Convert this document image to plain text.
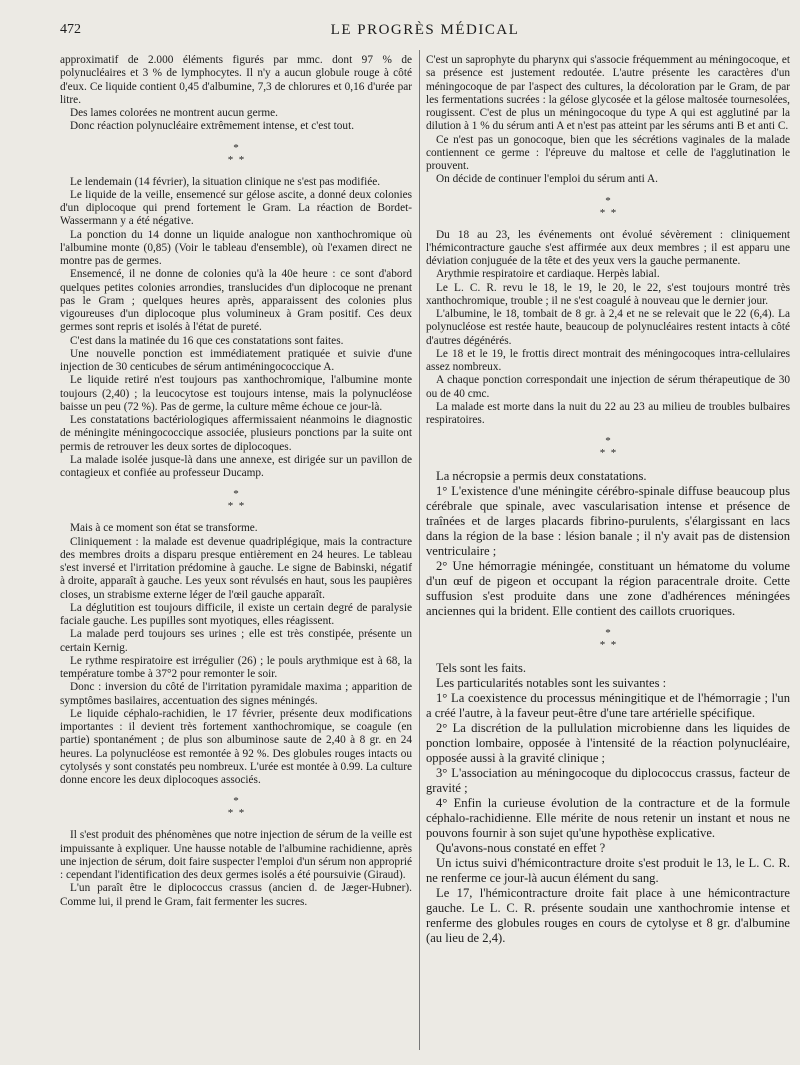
472	LE PROGRÈS MÉDICAL

approximatif de 2.000 éléments figurés par mmc. dont 97 % de polynucléaires et 3 % de lymphocytes. Il n'y a aucun globule rouge à côté d'eux. Ce liquide contient 0,45 d'albumine, 7,3 de chlorures et 0,16 d'urée par litre.

Des lames colorées ne montrent aucun germe.

Donc réaction polynucléaire extrêmement intense, et c'est tout.

*
*  *

Le lendemain (14 février), la situation clinique ne s'est pas modifiée.

Le liquide de la veille, ensemencé sur gélose ascite, a donné deux colonies d'un diplocoque qui prend fortement le Gram. La réaction de Bordet-Wassermann y a été négative.

La ponction du 14 donne un liquide analogue non xanthochromique où l'albumine monte (0,85) (Voir le tableau d'ensemble), où l'examen direct ne montre pas de germes.

Ensemencé, il ne donne de colonies qu'à la 40e heure : ce sont d'abord quelques petites colonies arrondies, translucides d'un diplocoque ne prenant pas le Gram ; quelques heures après, apparaissent des colonies plus vigoureuses d'un diplocoque plus volumineux à Gram positif. Ces deux germes sont repris et isolés à l'état de pureté.

C'est dans la matinée du 16 que ces constatations sont faites.

Une nouvelle ponction est immédiatement pratiquée et suivie d'une injection de 30 centicubes de sérum antiméningococcique A.

Le liquide retiré n'est toujours pas xanthochromique, l'albumine monte toujours (2,40) ; la leucocytose est toujours intense, mais la polynucléose baisse un peu (72 %). Pas de germe, la culture même échoue ce jour-là.

Les constatations bactériologiques affermissaient néanmoins le diagnostic de méningite méningococcique associée, plusieurs ponctions par la suite ont permis de retrouver les deux sortes de diplocoques.

La malade isolée jusque-là dans une annexe, est dirigée sur un pavillon de contagieux et confiée au professeur Ducamp.

*
*  *

Mais à ce moment son état se transforme.

Cliniquement : la malade est devenue quadriplégique, mais la contracture des membres droits a disparu presque entièrement en 24 heures. Le tableau s'est inversé et l'irritation prédomine à gauche. Le signe de Babinski, négatif à droite, apparaît à gauche. Les yeux sont révulsés en haut, sous les paupières closes, un strabisme externe léger de l'œil gauche apparaît.

La déglutition est toujours difficile, il existe un certain degré de paralysie faciale gauche. Les pupilles sont myotiques, elles réagissent.

La malade perd toujours ses urines ; elle est très constipée, présente un certain Kernig.

Le rythme respiratoire est irrégulier (26) ; le pouls arythmique est à 68, la température tombe à 37°2 pour remonter le soir.

Donc : inversion du côté de l'irritation pyramidale maxima ; apparition de symptômes basilaires, accentuation des signes méningés.

Le liquide céphalo-rachidien, le 17 février, présente deux modifications importantes : il devient très fortement xanthochromique, se coagule (en partie) spontanément ; de plus son albuminose saute de 2,40 à 8 gr. en 24 heures. La polynucléose est remontée à 92 %. Des globules rouges intacts ou cytolysés y sont constatés peu nombreux. L'urée est montée à 0.99. La culture donne encore les deux diplocoques associés.

*
*  *

Il s'est produit des phénomènes que notre injection de sérum de la veille est impuissante à expliquer. Une hausse notable de l'albumine rachidienne, après une injection de sérum, doit faire suspecter l'emploi d'un sérum non approprié : cependant l'identification des deux germes isolés a été poursuivie (Giraud).

L'un paraît être le diplococcus crassus (ancien d. de Jæger-Hubner). Comme lui, il prend le Gram, fait fermenter les sucres.

C'est un saprophyte du pharynx qui s'associe fréquemment au méningocoque, et sa présence est justement redoutée. L'autre présente les caractères d'un méningocoque de par l'aspect des cultures, la décoloration par le Gram, de par les fermentations sucrées : la gélose glycosée et la gélose maltosée tournesolées, rougissent. C'est de plus un méningocoque du type A qui est agglutiné par la dilution à 1 % du sérum anti A et n'est pas atteint par les sérums anti B et anti C.

Ce n'est pas un gonocoque, bien que les sécrétions vaginales de la malade contiennent ce germe : l'épreuve du maltose et celle de l'agglutination le prouvent.

On décide de continuer l'emploi du sérum anti A.

*
*  *

Du 18 au 23, les événements ont évolué sévèrement : cliniquement l'hémicontracture gauche s'est affirmée aux deux membres ; il est apparu une déviation conjuguée de la tête et des yeux vers la gauche permanente.

Arythmie respiratoire et cardiaque. Herpès labial.

Le L. C. R. revu le 18, le 19, le 20, le 22, s'est toujours montré très xanthochromique, trouble ; il ne s'est coagulé à nouveau que le dernier jour.

L'albumine, le 18, tombait de 8 gr. à 2,4 et ne se relevait que le 22 (6,4). La polynucléose est restée haute, beaucoup de polynucléaires restent intacts à côté d'autres dégénérés.

Le 18 et le 19, le frottis direct montrait des méningocoques intra-cellulaires assez nombreux.

A chaque ponction correspondait une injection de sérum thérapeutique de 30 ou de 40 cmc.

La malade est morte dans la nuit du 22 au 23 au milieu de troubles bulbaires respiratoires.

*
*  *

La nécropsie a permis deux constatations.

1° L'existence d'une méningite cérébro-spinale diffuse beaucoup plus cérébrale que spinale, avec vascularisation intense et présence de traînées et de larges placards fibrino-purulents, s'élargissant en lacs dans la région de la base : lésion banale ; il n'y avait pas de distension ventriculaire ;

2° Une hémorragie méningée, constituant un hématome du volume d'un œuf de pigeon et occupant la région paracentrale droite. Cette suffusion s'est produite dans une zone d'adhérences méningées anciennes qui la brident. Elle contient des caillots cruoriques.

*
*  *

Tels sont les faits.

Les particularités notables sont les suivantes :

1° La coexistence du processus méningitique et de l'hémorragie ; l'un a créé l'autre, à la faveur peut-être d'une tare artérielle spécifique.

2° La discrétion de la pullulation microbienne dans les liquides de ponction lombaire, opposée à l'intensité de la réaction polynucléaire, opposée aussi à la gravité clinique ;

3° L'association au méningocoque du diplococcus crassus, facteur de gravité ;

4° Enfin la curieuse évolution de la contracture et de la formule céphalo-rachidienne. Elle mérite de nous retenir un instant et nous ne pouvons fournir à son sujet qu'une hypothèse explicative.

Qu'avons-nous constaté en effet ?

Un ictus suivi d'hémicontracture droite s'est produit le 13, le L. C. R. ne renferme ce jour-là aucun élément du sang.

Le 17, l'hémicontracture droite fait place à une hémicontracture gauche. Le L. C. R. présente soudain une xanthochromie intense et renferme des globules rouges en cours de cytolyse et 8 gr. d'albumine (au lieu de 2,4).
